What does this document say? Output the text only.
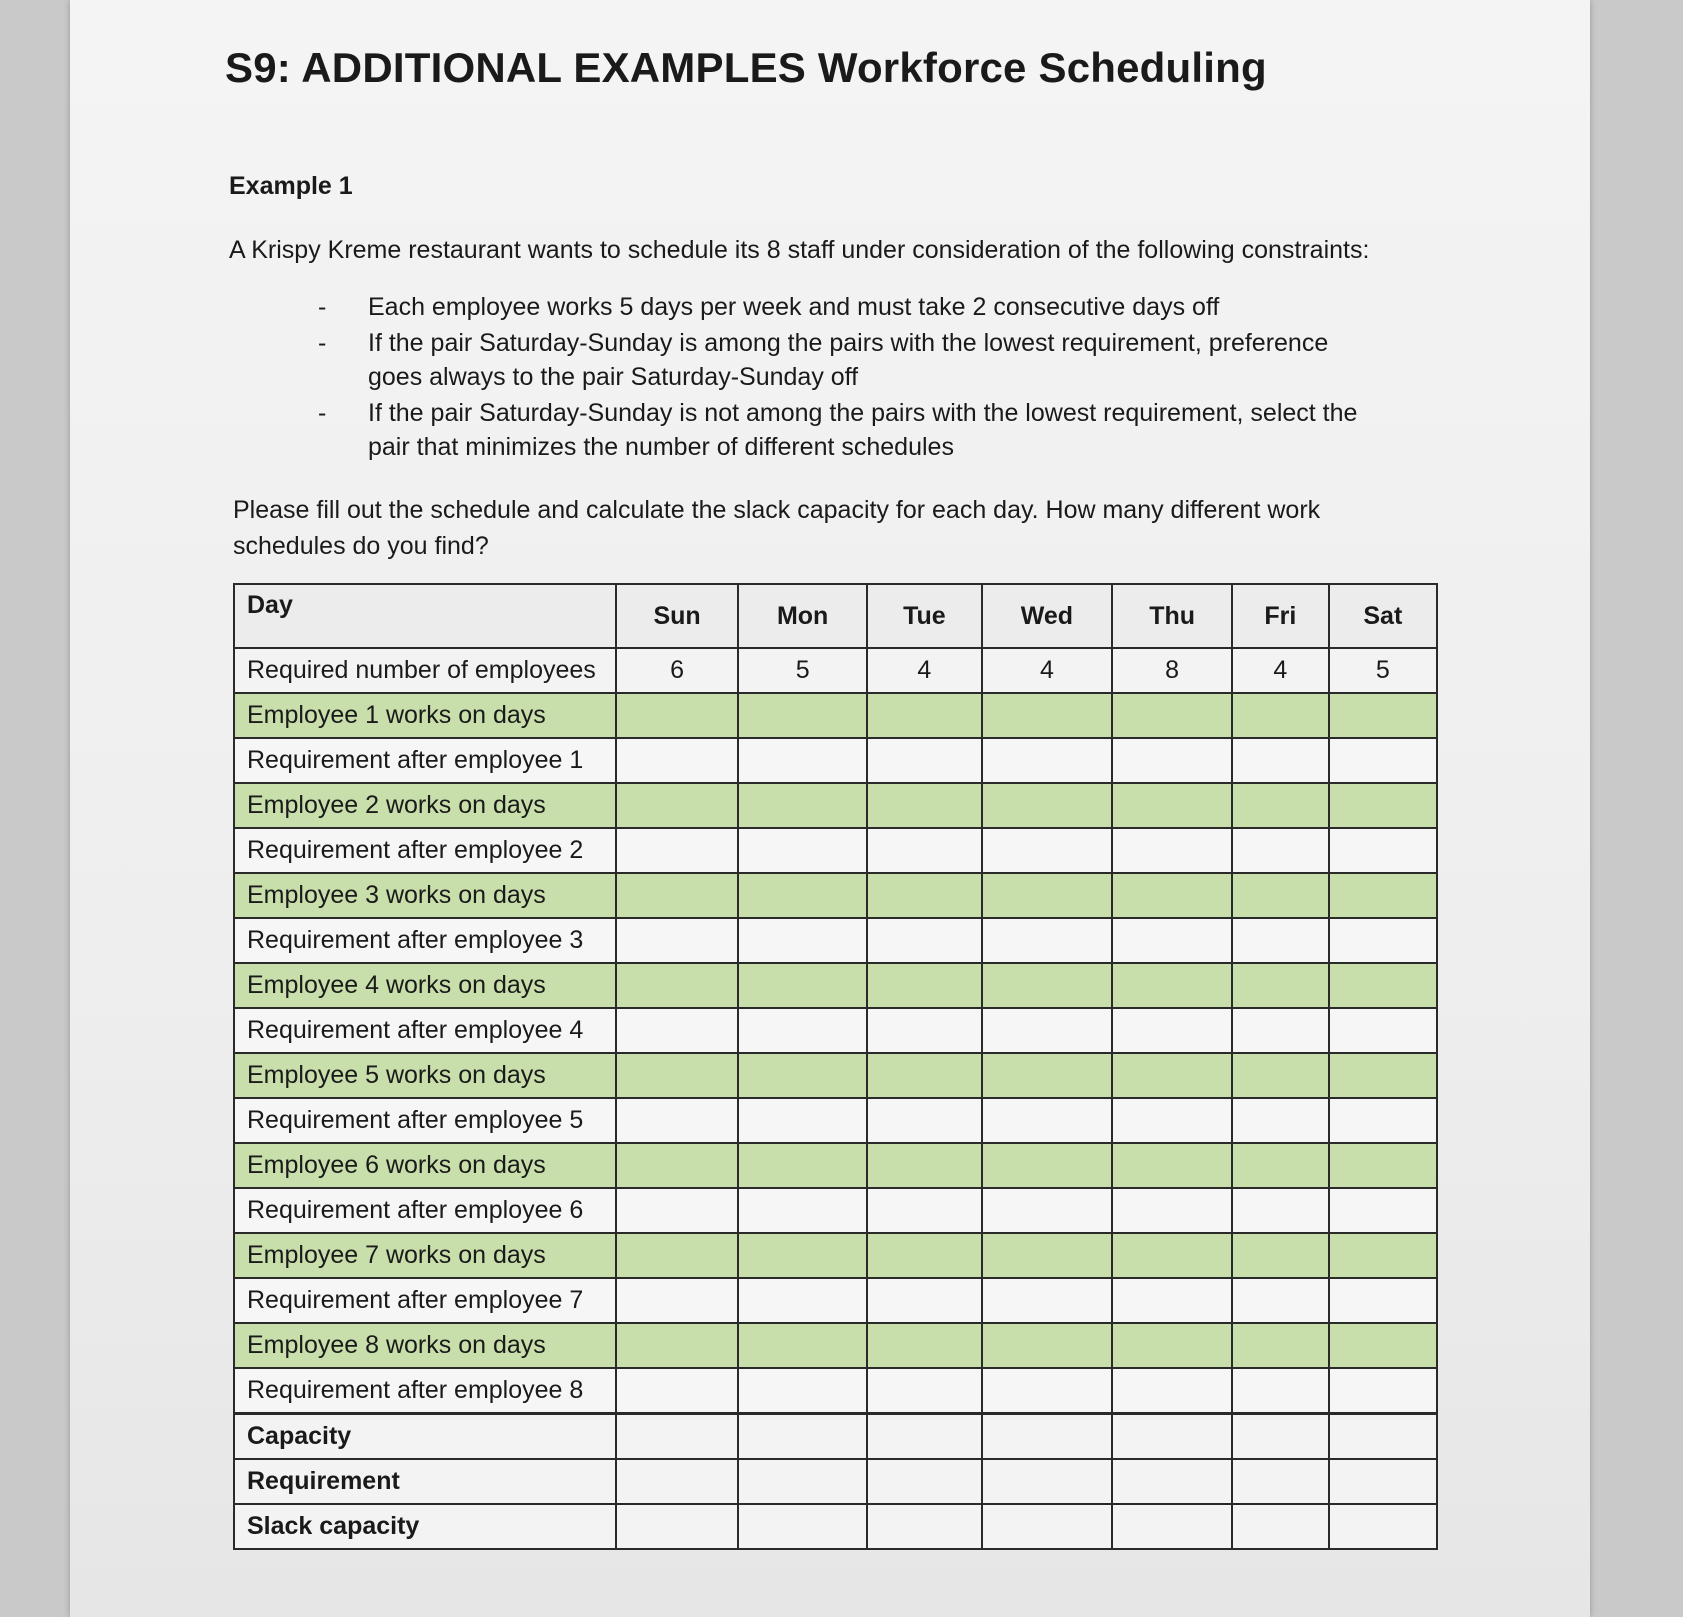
S9: ADDITIONAL EXAMPLES Workforce Scheduling
Example 1
A Krispy Kreme restaurant wants to schedule its 8 staff under consideration of the following constraints:
- Each employee works 5 days per week and must take 2 consecutive days off
- If the pair Saturday-Sunday is among the pairs with the lowest requirement, preference goes always to the pair Saturday-Sunday off
- If the pair Saturday-Sunday is not among the pairs with the lowest requirement, select the pair that minimizes the number of different schedules
Please fill out the schedule and calculate the slack capacity for each day. How many different work schedules do you find?
Day	Sun	Mon	Tue	Wed	Thu	Fri	Sat
Required number of employees	6	5	4	4	8	4	5
Employee 1 works on days							
Requirement after employee 1							
Employee 2 works on days							
Requirement after employee 2							
Employee 3 works on days							
Requirement after employee 3							
Employee 4 works on days							
Requirement after employee 4							
Employee 5 works on days							
Requirement after employee 5							
Employee 6 works on days							
Requirement after employee 6							
Employee 7 works on days							
Requirement after employee 7							
Employee 8 works on days							
Requirement after employee 8							
Capacity							
Requirement							
Slack capacity							
